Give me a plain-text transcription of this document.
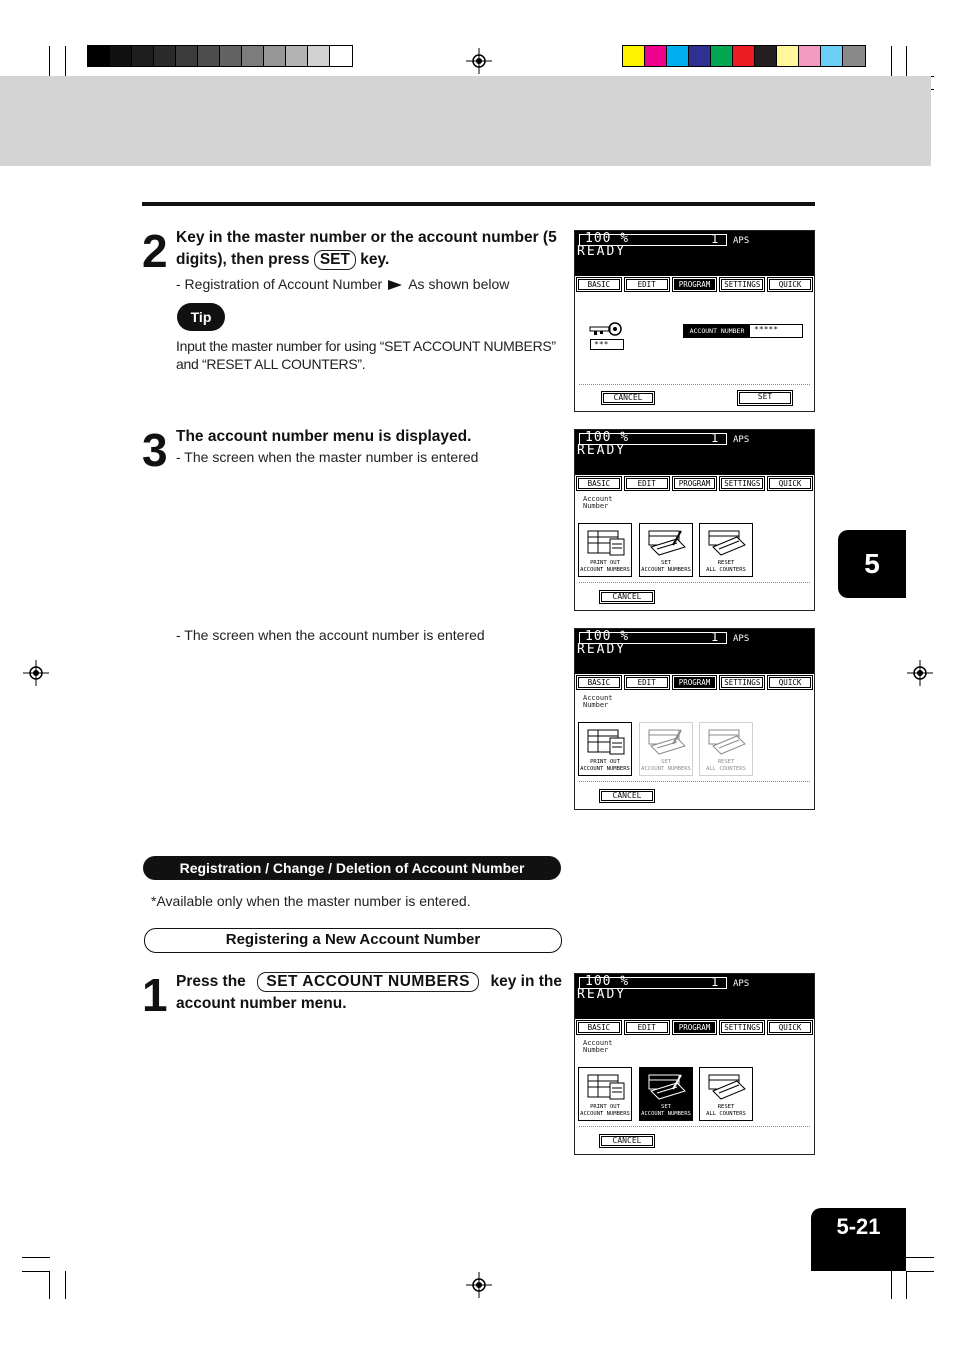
2 Key in the master number or the account number (5 digits), then press SET key.
- Registration of Account Number As shown below
Tip
Input the master number for using “SET ACCOUNT NUMBERS” and “RESET ALL COUNTERS”.
100 %	1 APS
READY
BASIC	EDIT	PROGRAM	SETTINGS	QUICK
***
ACCOUNT NUMBER	*****
CANCEL	SET
3 The account number menu is displayed.
- The screen when the master number is entered
- The screen when the account number is entered
100 %	1 APS
READY
BASIC	EDIT	PROGRAM	SETTINGS	QUICK
Account
Number
PRINT OUT
ACCOUNT NUMBERS
SET
ACCOUNT NUMBERS
RESET
ALL COUNTERS
CANCEL
100 %	1 APS
READY
BASIC	EDIT	PROGRAM	SETTINGS	QUICK
Account
Number
PRINT OUT
ACCOUNT NUMBERS
SET
ACCOUNT NUMBERS
RESET
ALL COUNTERS
CANCEL
Registration / Change / Deletion of Account Number
*Available only when the master number is entered.
Registering a New Account Number
1 Press the	SET ACCOUNT NUMBERS	key in the
account number menu.
100 %	1 APS
READY
BASIC	EDIT	PROGRAM	SETTINGS	QUICK
Account
Number
PRINT OUT
ACCOUNT NUMBERS
SET
ACCOUNT NUMBERS
RESET
ALL COUNTERS
CANCEL
5
5-21
